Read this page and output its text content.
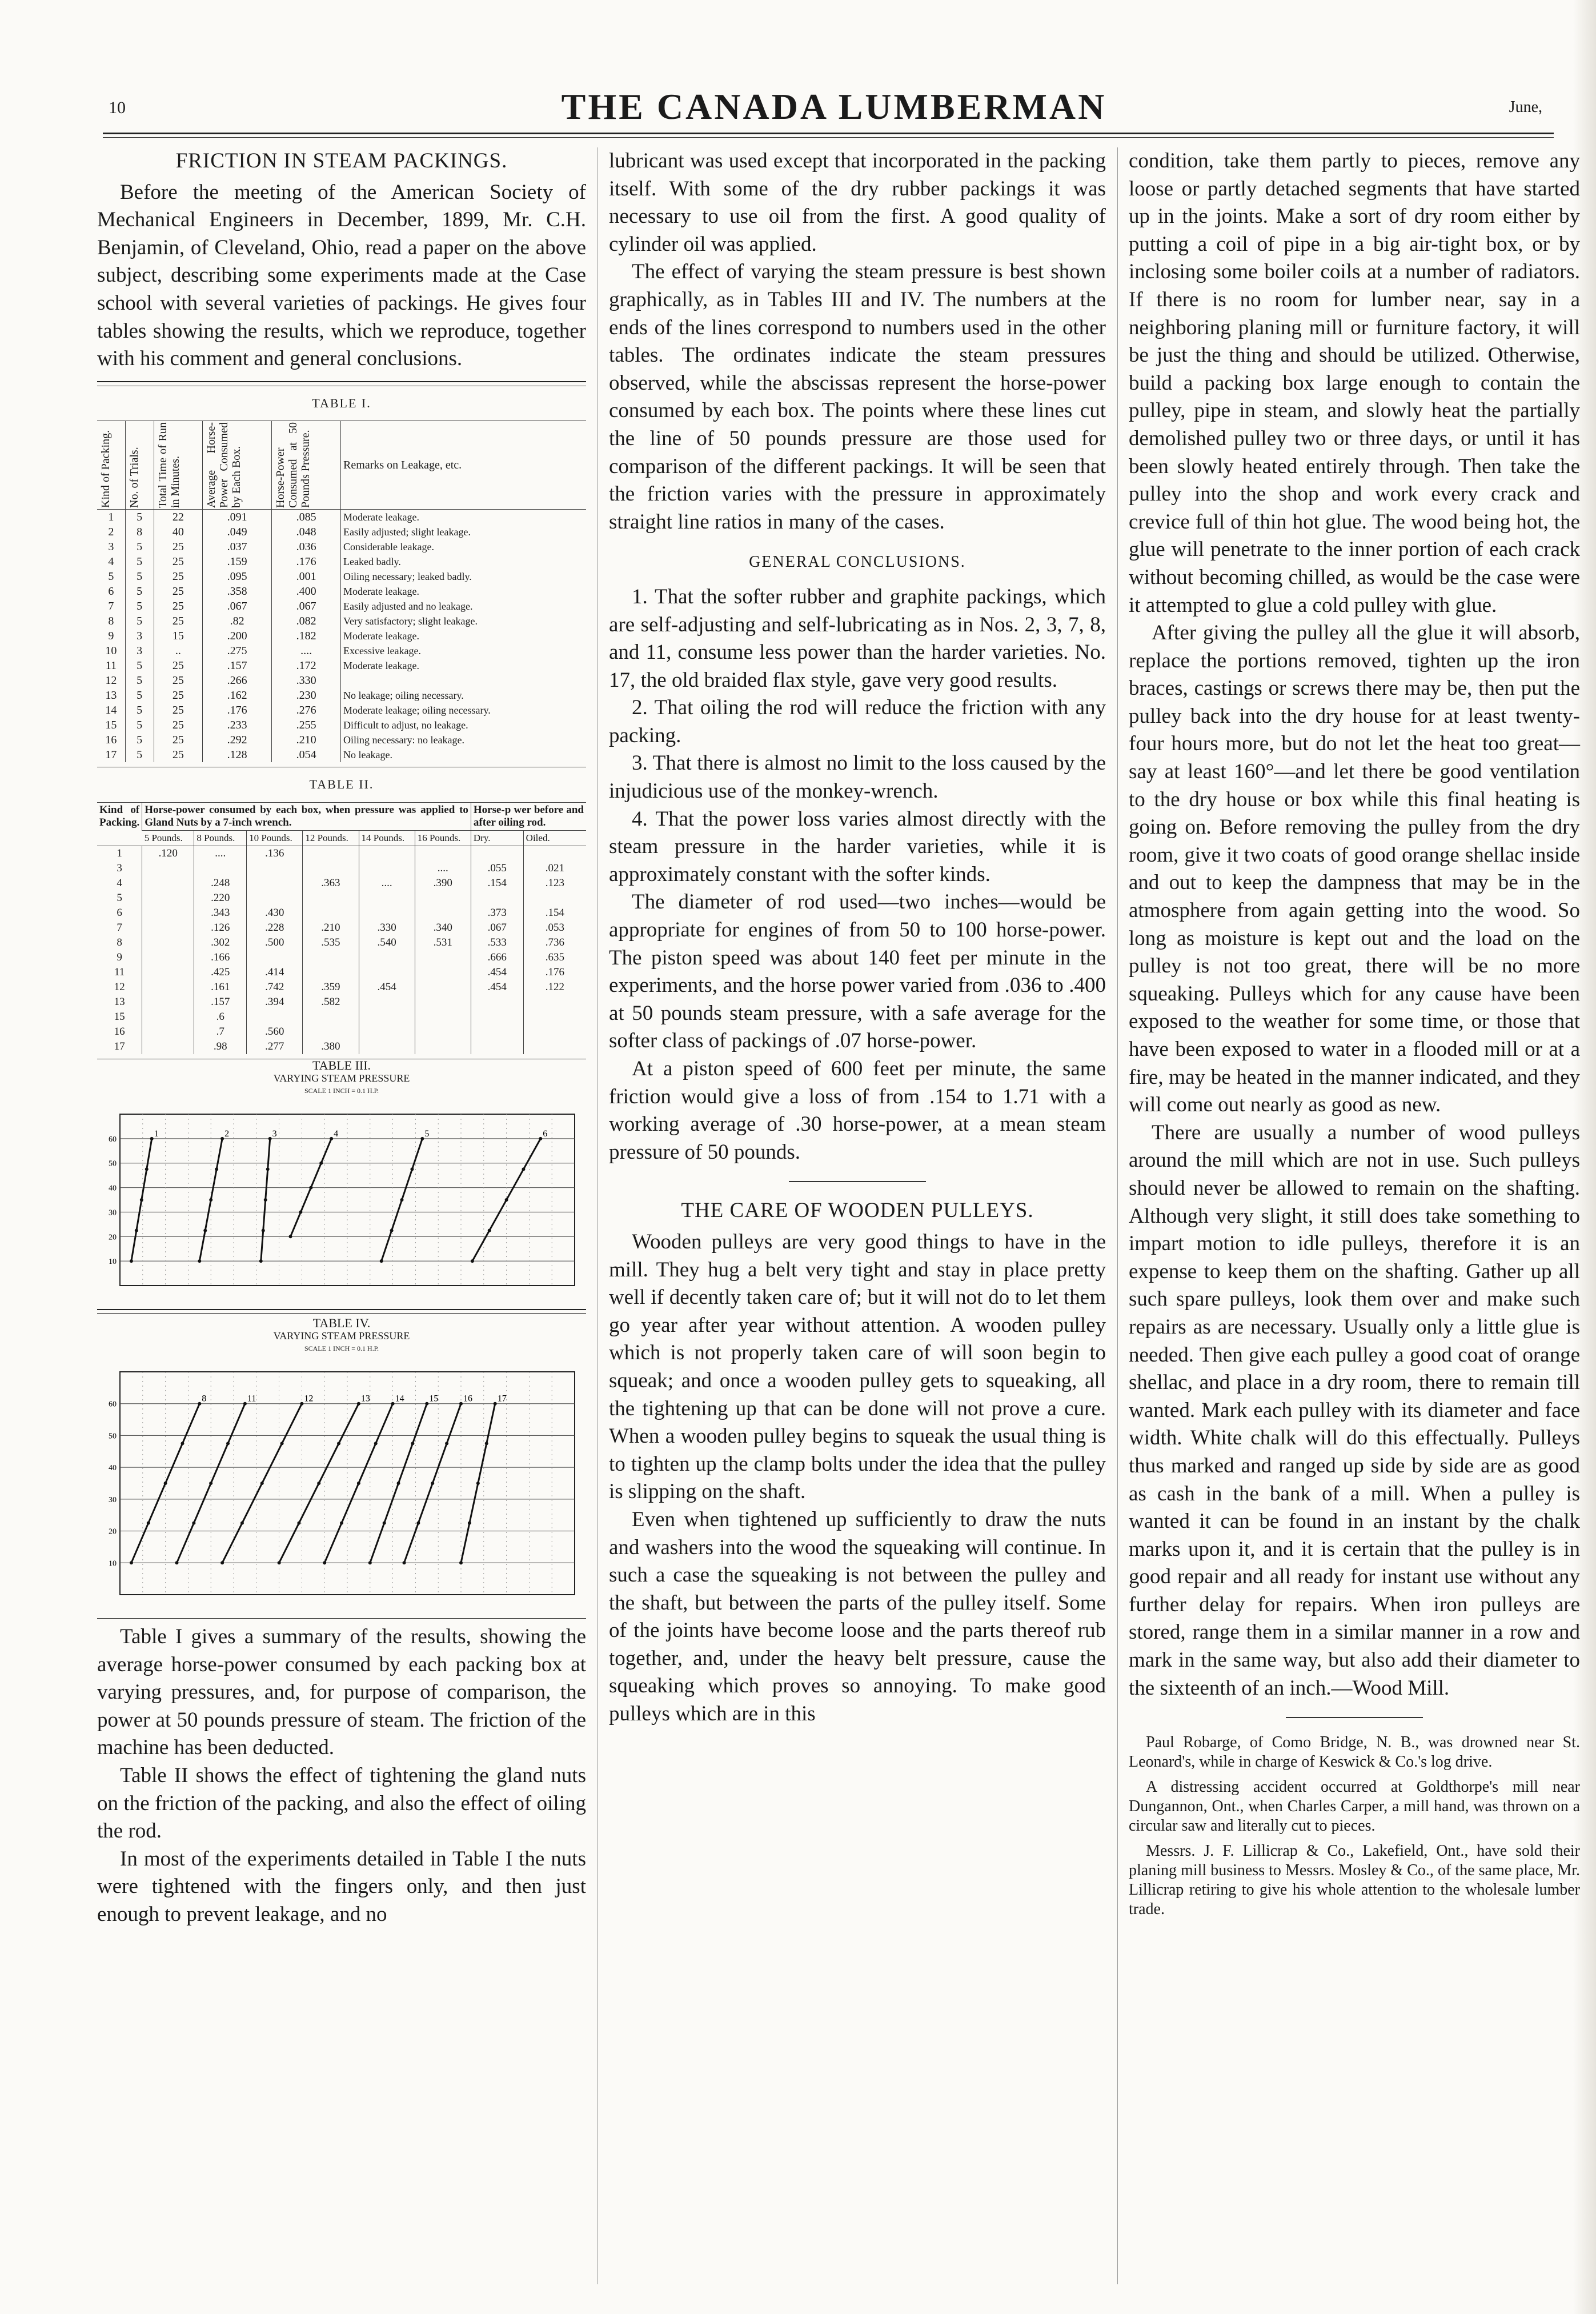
10	THE CANADA LUMBERMAN	June,
FRICTION IN STEAM PACKINGS.

Before the meeting of the American Society of Mechanical Engineers in December, 1899, Mr. C.H. Benjamin, of Cleveland, Ohio, read a paper on the above subject, describing some experiments made at the Case school with several varieties of packings. He gives four tables showing the results, which we reproduce, together with his comment and general conclusions.

TABLE I.
Kind of Packing.	No. of Trials.	Total Time of Run in Minutes.	Average Horse-Power Consumed by Each Box.	Horse-Power Consumed at 50 Pounds Pressure.	Remarks on Leakage, etc.
1	5	22	.091	.085	Moderate leakage.
2	8	40	.049	.048	Easily adjusted; slight leakage.
3	5	25	.037	.036	Considerable leakage.
4	5	25	.159	.176	Leaked badly.
5	5	25	.095	.001	Oiling necessary; leaked badly.
6	5	25	.358	.400	Moderate leakage.
7	5	25	.067	.067	Easily adjusted and no leakage.
8	5	25	.82	.082	Very satisfactory; slight leakage.
9	3	15	.200	.182	Moderate leakage.
10	3	..	.275	....	Excessive leakage.
11	5	25	.157	.172	Moderate leakage.
12	5	25	.266	.330	
13	5	25	.162	.230	No leakage; oiling necessary.
14	5	25	.176	.276	Moderate leakage; oiling necessary.
15	5	25	.233	.255	Difficult to adjust, no leakage.
16	5	25	.292	.210	Oiling necessary: no leakage.
17	5	25	.128	.054	No leakage.
TABLE II.
Kind of Packing.	Horse-power consumed by each box, when pressure was applied to Gland Nuts by a 7-inch wrench.						Horse-p wer before and after oiling rod.	
	5 Pounds.	8 Pounds.	10 Pounds.	12 Pounds.	14 Pounds.	16 Pounds.	Dry.	Oiled.
1	.120	....	.136					
3						....	.055	.021
4		.248		.363	....	.390	.154	.123
5		.220						
6		.343	.430				.373	.154
7		.126	.228	.210	.330	.340	.067	.053
8		.302	.500	.535	.540	.531	.533	.736
9		.166					.666	.635
11		.425	.414				.454	.176
12		.161	.742	.359	.454		.454	.122
13		.157	.394	.582				
15		.6						
16		.7	.560					
17		.98	.277	.380				
TABLE III.
VARYING STEAM PRESSURE
SCALE 1 INCH = 0.1 H.P.
10
20
30
40
50
60
1	2	3	4	5	6
TABLE IV.
VARYING STEAM PRESSURE
SCALE 1 INCH = 0.1 H.P.
10
20
30
40
50
60
8	11	12	13	14	15	16	17

Table I gives a summary of the results, showing the average horse-power consumed by each packing box at varying pressures, and, for purpose of comparison, the power at 50 pounds pressure of steam. The friction of the machine has been deducted.

Table II shows the effect of tightening the gland nuts on the friction of the packing, and also the effect of oiling the rod.

In most of the experiments detailed in Table I the nuts were tightened with the fingers only, and then just enough to prevent leakage, and no

lubricant was used except that incorporated in the packing itself. With some of the dry rubber packings it was necessary to use oil from the first. A good quality of cylinder oil was applied.

The effect of varying the steam pressure is best shown graphically, as in Tables III and IV. The numbers at the ends of the lines correspond to numbers used in the other tables. The ordinates indicate the steam pressures observed, while the abscissas represent the horse-power consumed by each box. The points where these lines cut the line of 50 pounds pressure are those used for comparison of the different packings. It will be seen that the friction varies with the pressure in approximately straight line ratios in many of the cases.

GENERAL CONCLUSIONS.

1. That the softer rubber and graphite packings, which are self-adjusting and self-lubricating as in Nos. 2, 3, 7, 8, and 11, consume less power than the harder varieties. No. 17, the old braided flax style, gave very good results.

2. That oiling the rod will reduce the friction with any packing.

3. That there is almost no limit to the loss caused by the injudicious use of the monkey-wrench.

4. That the power loss varies almost directly with the steam pressure in the harder varieties, while it is approximately constant with the softer kinds.

The diameter of rod used—two inches—would be appropriate for engines of from 50 to 100 horse-power. The piston speed was about 140 feet per minute in the experiments, and the horse power varied from .036 to .400 at 50 pounds steam pressure, with a safe average for the softer class of packings of .07 horse-power.

At a piston speed of 600 feet per minute, the same friction would give a loss of from .154 to 1.71 with a working average of .30 horse-power, at a mean steam pressure of 50 pounds.

THE CARE OF WOODEN PULLEYS.

Wooden pulleys are very good things to have in the mill. They hug a belt very tight and stay in place pretty well if decently taken care of; but it will not do to let them go year after year without attention. A wooden pulley which is not properly taken care of will soon begin to squeak; and once a wooden pulley gets to squeaking, all the tightening up that can be done will not prove a cure. When a wooden pulley begins to squeak the usual thing is to tighten up the clamp bolts under the idea that the pulley is slipping on the shaft.

Even when tightened up sufficiently to draw the nuts and washers into the wood the squeaking will continue. In such a case the squeaking is not between the pulley and the shaft, but between the parts of the pulley itself. Some of the joints have become loose and the parts thereof rub together, and, under the heavy belt pressure, cause the squeaking which proves so annoying. To make good pulleys which are in this

condition, take them partly to pieces, remove any loose or partly detached segments that have started up in the joints. Make a sort of dry room either by putting a coil of pipe in a big air-tight box, or by inclosing some boiler coils at a number of radiators. If there is no room for lumber near, say in a neighboring planing mill or furniture factory, it will be just the thing and should be utilized. Otherwise, build a packing box large enough to contain the pulley, pipe in steam, and slowly heat the partially demolished pulley two or three days, or until it has been slowly heated entirely through. Then take the pulley into the shop and work every crack and crevice full of thin hot glue. The wood being hot, the glue will penetrate to the inner portion of each crack without becoming chilled, as would be the case were it attempted to glue a cold pulley with glue.

After giving the pulley all the glue it will absorb, replace the portions removed, tighten up the iron braces, castings or screws there may be, then put the pulley back into the dry house for at least twenty-four hours more, but do not let the heat too great—say at least 160°—and let there be good ventilation to the dry house or box while this final heating is going on. Before removing the pulley from the dry room, give it two coats of good orange shellac inside and out to keep the dampness that may be in the atmosphere from again getting into the wood. So long as moisture is kept out and the load on the pulley is not too great, there will be no more squeaking. Pulleys which for any cause have been exposed to the weather for some time, or those that have been exposed to water in a flooded mill or at a fire, may be heated in the manner indicated, and they will come out nearly as good as new.

There are usually a number of wood pulleys around the mill which are not in use. Such pulleys should never be allowed to remain on the shafting. Although very slight, it still does take something to impart motion to idle pulleys, therefore it is an expense to keep them on the shafting. Gather up all such spare pulleys, look them over and make such repairs as are necessary. Usually only a little glue is needed. Then give each pulley a good coat of orange shellac, and place in a dry room, there to remain till wanted. Mark each pulley with its diameter and face width. White chalk will do this effectually. Pulleys thus marked and ranged up side by side are as good as cash in the bank of a mill. When a pulley is wanted it can be found in an instant by the chalk marks upon it, and it is certain that the pulley is in good repair and all ready for instant use without any further delay for repairs. When iron pulleys are stored, range them in a similar manner in a row and mark in the same way, but also add their diameter to the sixteenth of an inch.—Wood Mill.

Paul Robarge, of Como Bridge, N. B., was drowned near St. Leonard's, while in charge of Keswick & Co.'s log drive.

A distressing accident occurred at Goldthorpe's mill near Dungannon, Ont., when Charles Carper, a mill hand, was thrown on a circular saw and literally cut to pieces.

Messrs. J. F. Lillicrap & Co., Lakefield, Ont., have sold their planing mill business to Messrs. Mosley & Co., of the same place, Mr. Lillicrap retiring to give his whole attention to the wholesale lumber trade.
